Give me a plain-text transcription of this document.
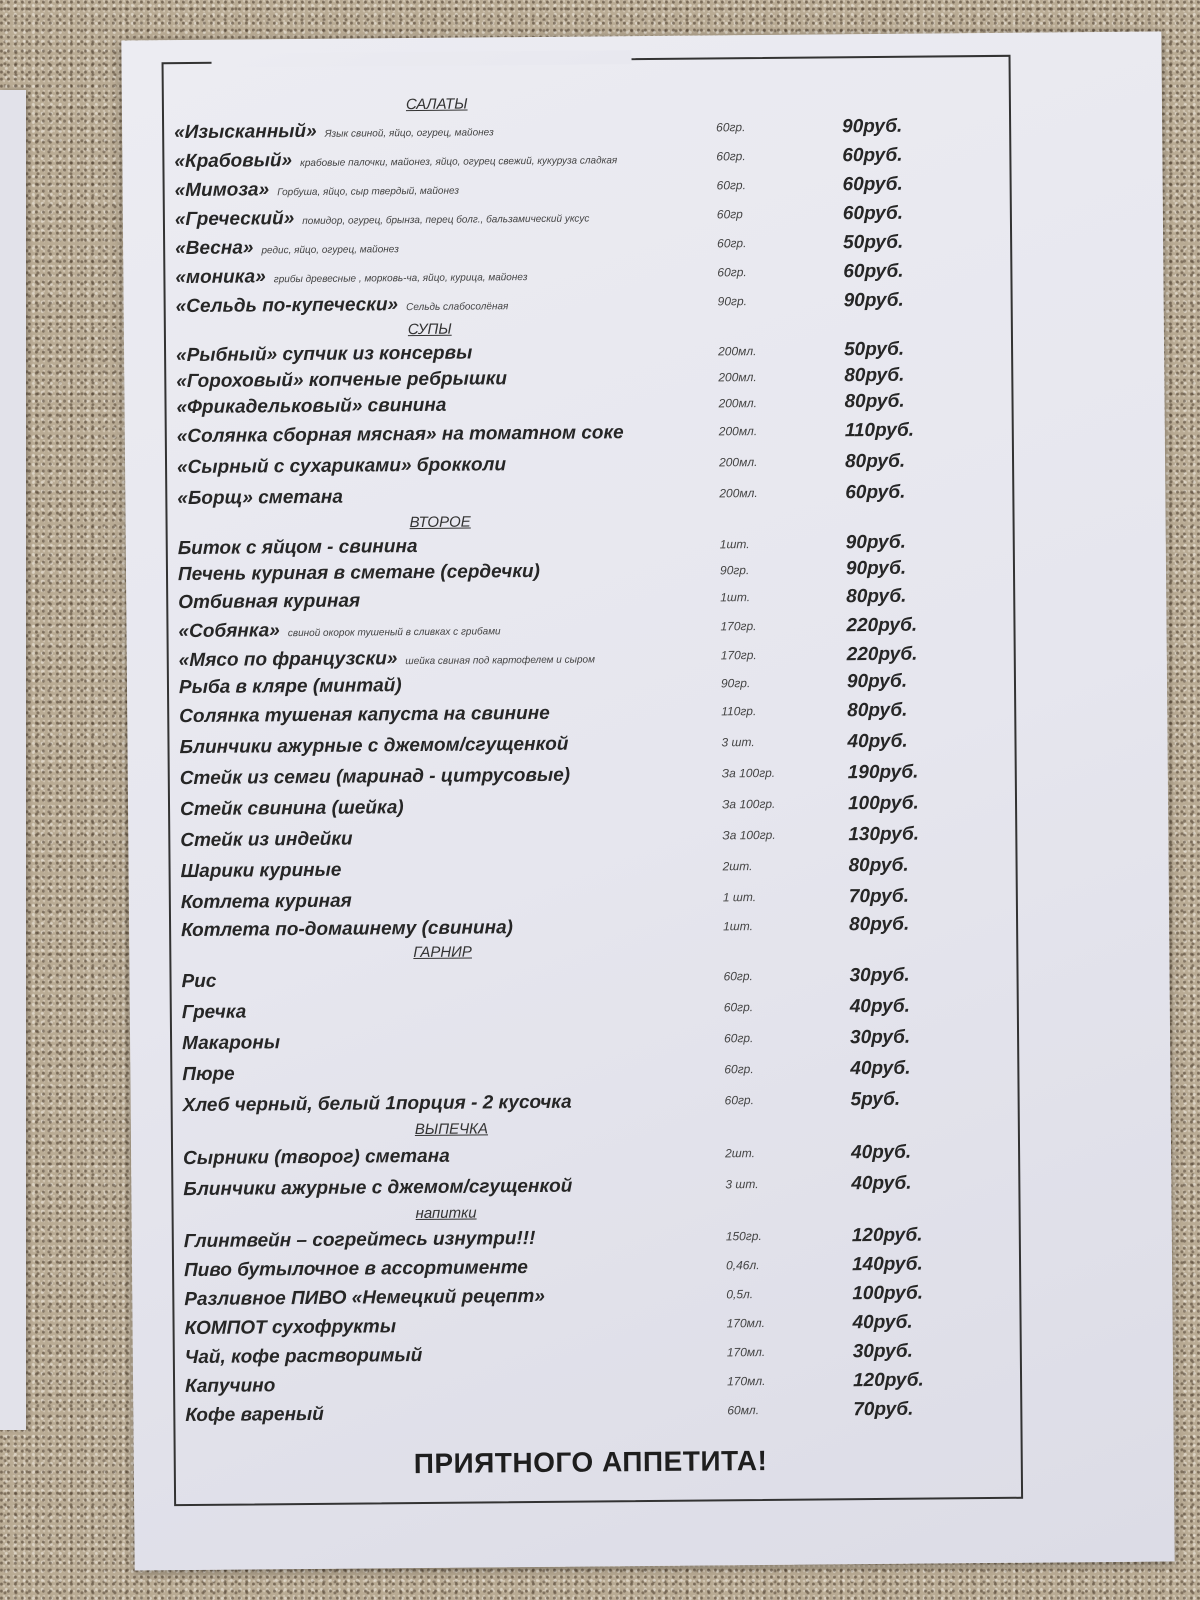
САЛАТЫ
«Изысканный» Язык свиной, яйцо, огурец, майонез	60гр.	90руб.
«Крабовый» крабовые палочки, майонез, яйцо, огурец свежий, кукуруза сладкая	60гр.	60руб.
«Мимоза» Горбуша, яйцо, сыр твердый, майонез	60гр.	60руб.
«Греческий» помидор, огурец, брынза, перец болг., бальзамический уксус	60гр	60руб.
«Весна» редис, яйцо, огурец, майонез	60гр.	50руб.
«моника» грибы древесные , морковь-ча, яйцо, курица, майонез	60гр.	60руб.
«Сельдь по-купечески» Сельдь слабосолёная	90гр.	90руб.
СУПЫ
«Рыбный» супчик из консервы	200мл.	50руб.
«Гороховый» копченые ребрышки	200мл.	80руб.
«Фрикадельковый» свинина	200мл.	80руб.
«Солянка сборная мясная» на томатном соке	200мл.	110руб.
«Сырный с сухариками» брокколи	200мл.	80руб.
«Борщ» сметана	200мл.	60руб.
ВТОРОЕ
Биток с яйцом - свинина	1шт.	90руб.
Печень куриная в сметане (сердечки)	90гр.	90руб.
Отбивная куриная	1шт.	80руб.
«Собянка» свиной окорок тушеный в сливках с грибами	170гр.	220руб.
«Мясо по французски» шейка свиная под картофелем и сыром	170гр.	220руб.
Рыба в кляре (минтай)	90гр.	90руб.
Солянка тушеная капуста на свинине	110гр.	80руб.
Блинчики ажурные с джемом/сгущенкой	3 шт.	40руб.
Стейк из семги (маринад - цитрусовые)	За 100гр.	190руб.
Стейк свинина (шейка)	За 100гр.	100руб.
Стейк из индейки	За 100гр.	130руб.
Шарики куриные	2шт.	80руб.
Котлета куриная	1 шт.	70руб.
Котлета по-домашнему (свинина)	1шт.	80руб.
ГАРНИР
Рис	60гр.	30руб.
Гречка	60гр.	40руб.
Макароны	60гр.	30руб.
Пюре	60гр.	40руб.
Хлеб черный, белый 1порция - 2 кусочка	60гр.	5руб.
ВЫПЕЧКА
Сырники (творог) сметана	2шт.	40руб.
Блинчики ажурные с джемом/сгущенкой	3 шт.	40руб.
напитки
Глинтвейн – согрейтесь изнутри!!!	150гр.	120руб.
Пиво бутылочное в ассортименте	0,46л.	140руб.
Разливное ПИВО «Немецкий рецепт»	0,5л.	100руб.
КОМПОТ сухофрукты	170мл.	40руб.
Чай, кофе растворимый	170мл.	30руб.
Капучино	170мл.	120руб.
Кофе вареный	60мл.	70руб.
ПРИЯТНОГО АППЕТИТА!
